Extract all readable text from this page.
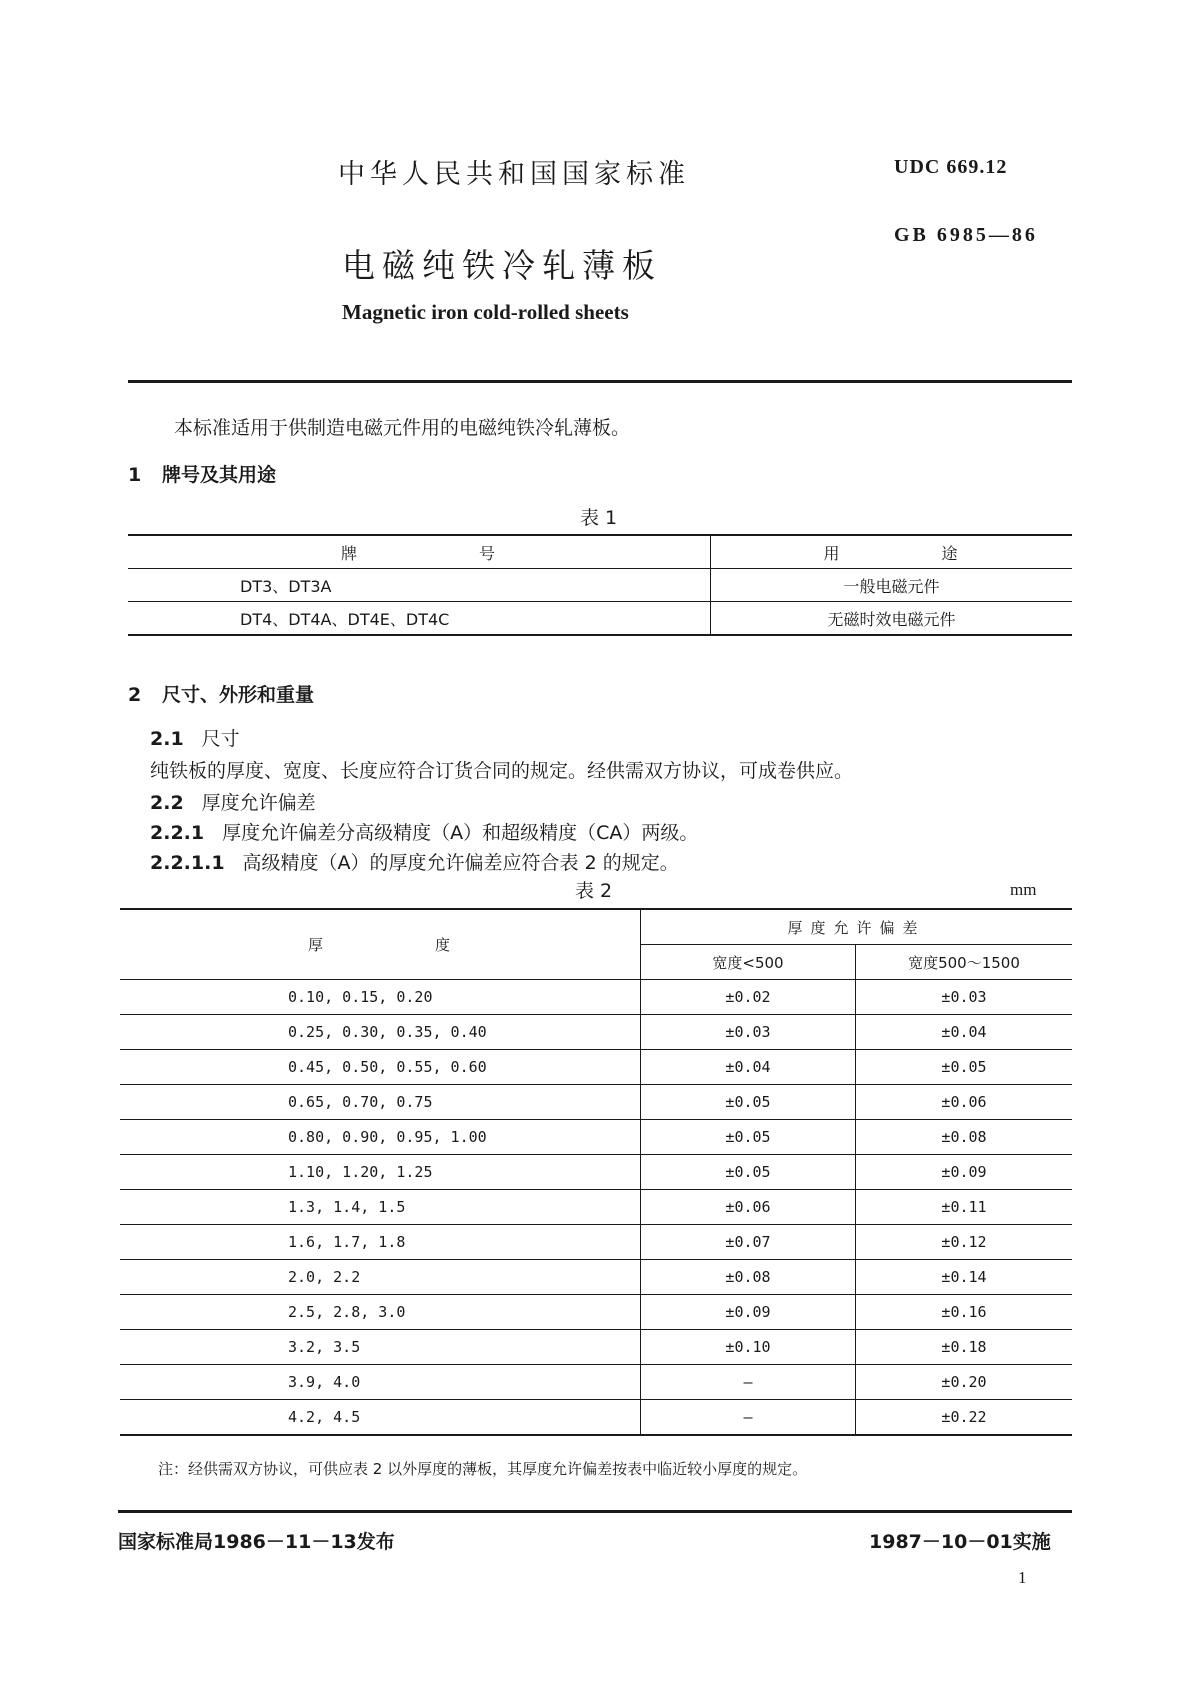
中华人民共和国国家标准	UDC 669.12
GB 6985—86
电磁纯铁冷轧薄板
Magnetic iron cold-rolled sheets
本标准适用于供制造电磁元件用的电磁纯铁冷轧薄板。
1 牌号及其用途
表 1
牌 号	用 途
DT3、DT3A	一般电磁元件
DT4、DT4A、DT4E、DT4C	无磁时效电磁元件
2 尺寸、外形和重量
2.1 尺寸
纯铁板的厚度、宽度、长度应符合订货合同的规定。经供需双方协议，可成卷供应。
2.2 厚度允许偏差
2.2.1 厚度允许偏差分高级精度（A）和超级精度（CA）两级。
2.2.1.1 高级精度（A）的厚度允许偏差应符合表 2 的规定。
表 2	mm
厚 度	厚度允许偏差	
	宽度<500	宽度500～1500
0.10, 0.15, 0.20	±0.02	±0.03
0.25, 0.30, 0.35, 0.40	±0.03	±0.04
0.45, 0.50, 0.55, 0.60	±0.04	±0.05
0.65, 0.70, 0.75	±0.05	±0.06
0.80, 0.90, 0.95, 1.00	±0.05	±0.08
1.10, 1.20, 1.25	±0.05	±0.09
1.3, 1.4, 1.5	±0.06	±0.11
1.6, 1.7, 1.8	±0.07	±0.12
2.0, 2.2	±0.08	±0.14
2.5, 2.8, 3.0	±0.09	±0.16
3.2, 3.5	±0.10	±0.18
3.9, 4.0	—	±0.20
4.2, 4.5	—	±0.22
注：经供需双方协议，可供应表 2 以外厚度的薄板，其厚度允许偏差按表中临近较小厚度的规定。
国家标准局1986－11－13发布	1987－10－01实施
1
